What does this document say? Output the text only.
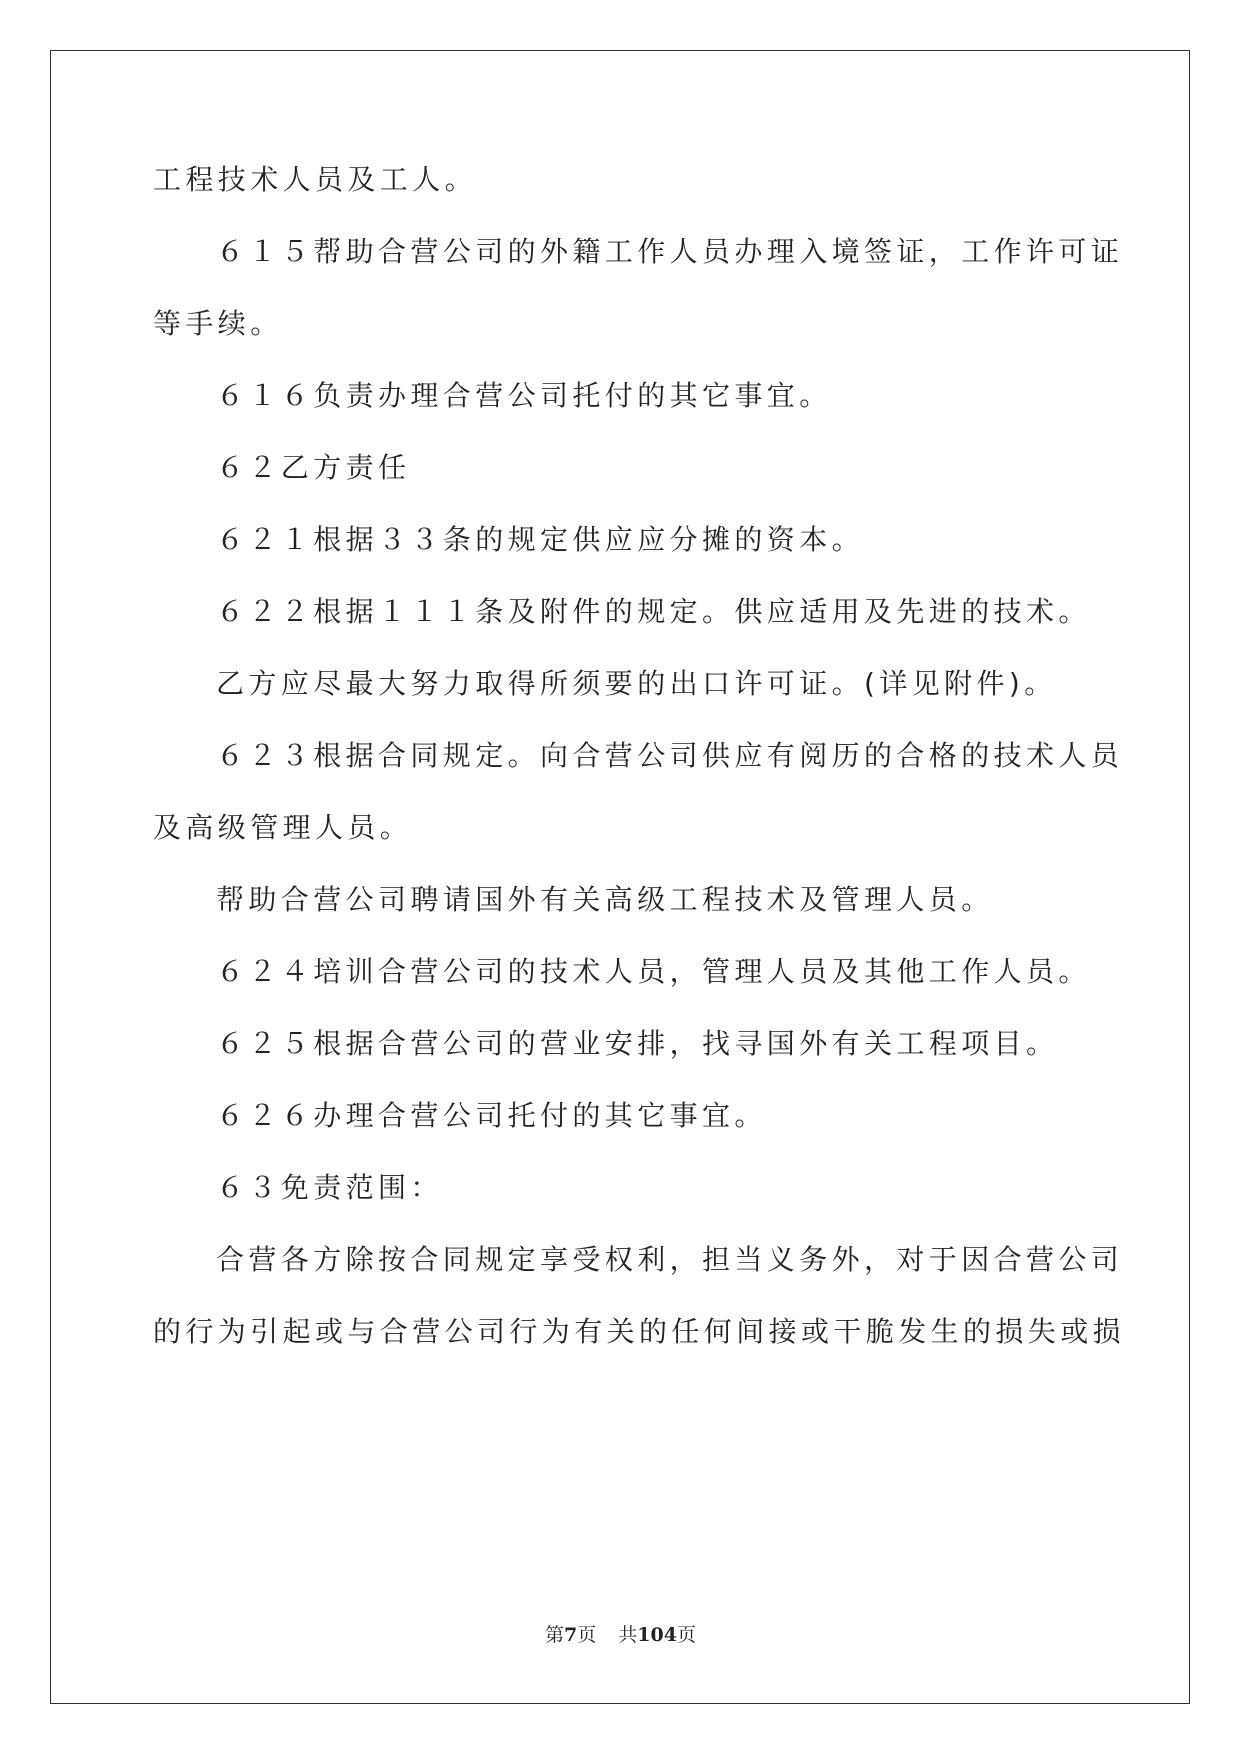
工程技术人员及工人。
６１５帮助合营公司的外籍工作人员办理入境签证，工作许可证
等手续。
６１６负责办理合营公司托付的其它事宜。
６２乙方责任
６２１根据３３条的规定供应应分摊的资本。
６２２根据１１１条及附件的规定。供应适用及先进的技术。
乙方应尽最大努力取得所须要的出口许可证。(详见附件)。
６２３根据合同规定。向合营公司供应有阅历的合格的技术人员
及高级管理人员。
帮助合营公司聘请国外有关高级工程技术及管理人员。
６２４培训合营公司的技术人员，管理人员及其他工作人员。
６２５根据合营公司的营业安排，找寻国外有关工程项目。
６２６办理合营公司托付的其它事宜。
６３免责范围：
合营各方除按合同规定享受权利，担当义务外，对于因合营公司
的行为引起或与合营公司行为有关的任何间接或干脆发生的损失或损
第7页 共104页
